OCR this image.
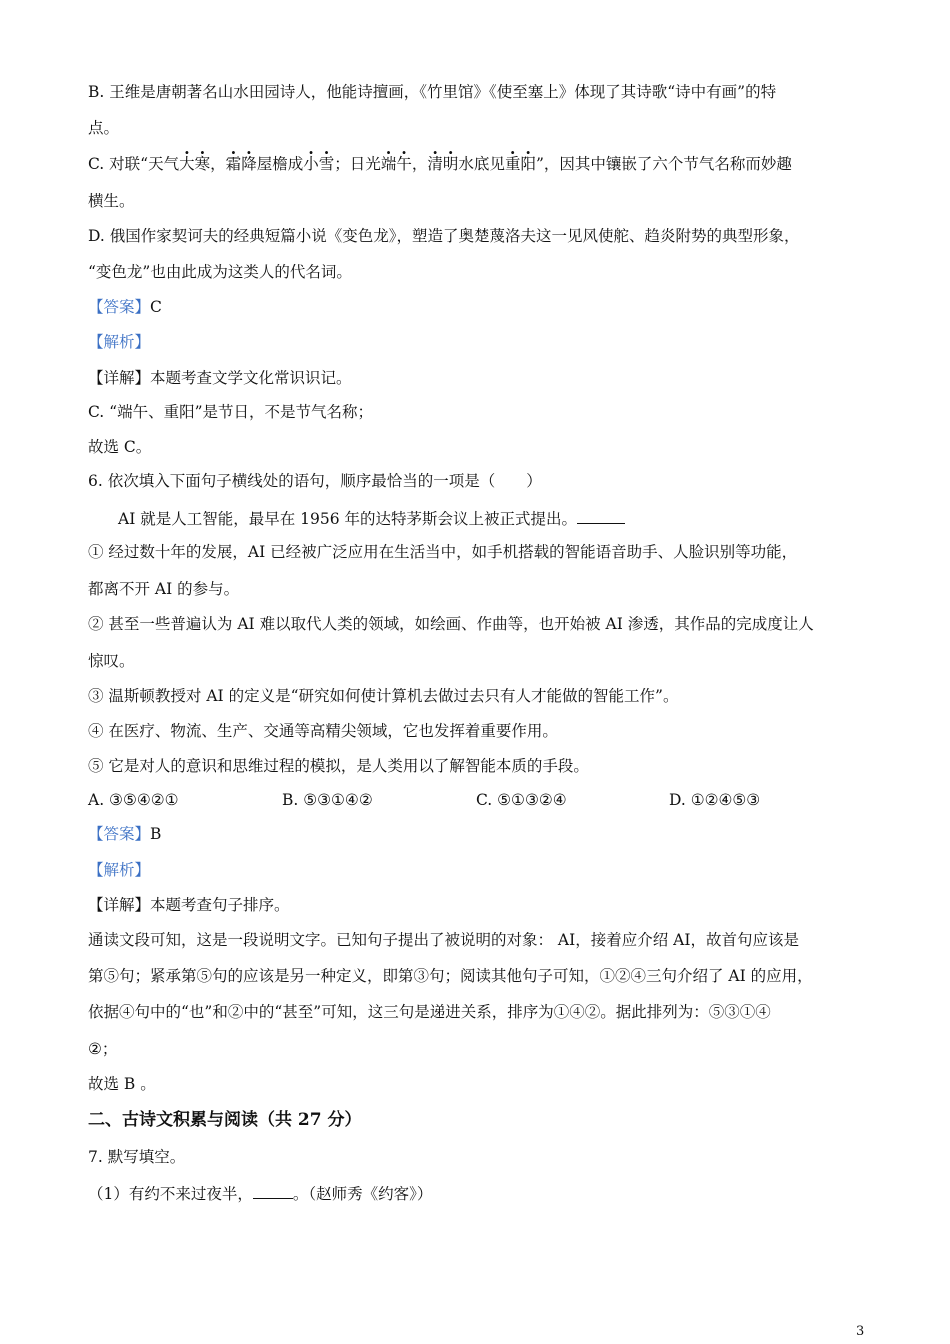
B. 王维是唐朝著名山水田园诗人，他能诗擅画，《竹里馆》《使至塞上》体现了其诗歌“诗中有画”的特
点。
C. 对联“天气大寒，霜降屋檐成小雪；日光端午，清明水底见重阳”，因其中镶嵌了六个节气名称而妙趣
横生。
D. 俄国作家契诃夫的经典短篇小说《变色龙》，塑造了奥楚蔑洛夫这一见风使舵、趋炎附势的典型形象，
“变色龙”也由此成为这类人的代名词。
【答案】C
【解析】
【详解】本题考查文学文化常识识记。
C. “端午、重阳”是节日，不是节气名称；
故选 C。
6. 依次填入下面句子横线处的语句，顺序最恰当的一项是（　　）
AI 就是人工智能，最早在 1956 年的达特茅斯会议上被正式提出。
① 经过数十年的发展，AI 已经被广泛应用在生活当中，如手机搭载的智能语音助手、人脸识别等功能，
都离不开 AI 的参与。
② 甚至一些普遍认为 AI 难以取代人类的领域，如绘画、作曲等，也开始被 AI 渗透，其作品的完成度让人
惊叹。
③ 温斯顿教授对 AI 的定义是“研究如何使计算机去做过去只有人才能做的智能工作”。
④ 在医疗、物流、生产、交通等高精尖领域，它也发挥着重要作用。
⑤ 它是对人的意识和思维过程的模拟，是人类用以了解智能本质的手段。
A. ③⑤④②①	B. ⑤③①④②	C. ⑤①③②④	D. ①②④⑤③
【答案】B
【解析】
【详解】本题考查句子排序。
通读文段可知，这是一段说明文字。已知句子提出了被说明的对象： AI，接着应介绍 AI，故首句应该是
第⑤句；紧承第⑤句的应该是另一种定义，即第③句；阅读其他句子可知，①②④三句介绍了 AI 的应用，
依据④句中的“也”和②中的“甚至”可知，这三句是递进关系，排序为①④②。据此排列为：⑤③①④
②；
故选 B 。
二、古诗文积累与阅读（共 27 分）
7. 默写填空。
（1）有约不来过夜半，	。（赵师秀《约客》）
3
